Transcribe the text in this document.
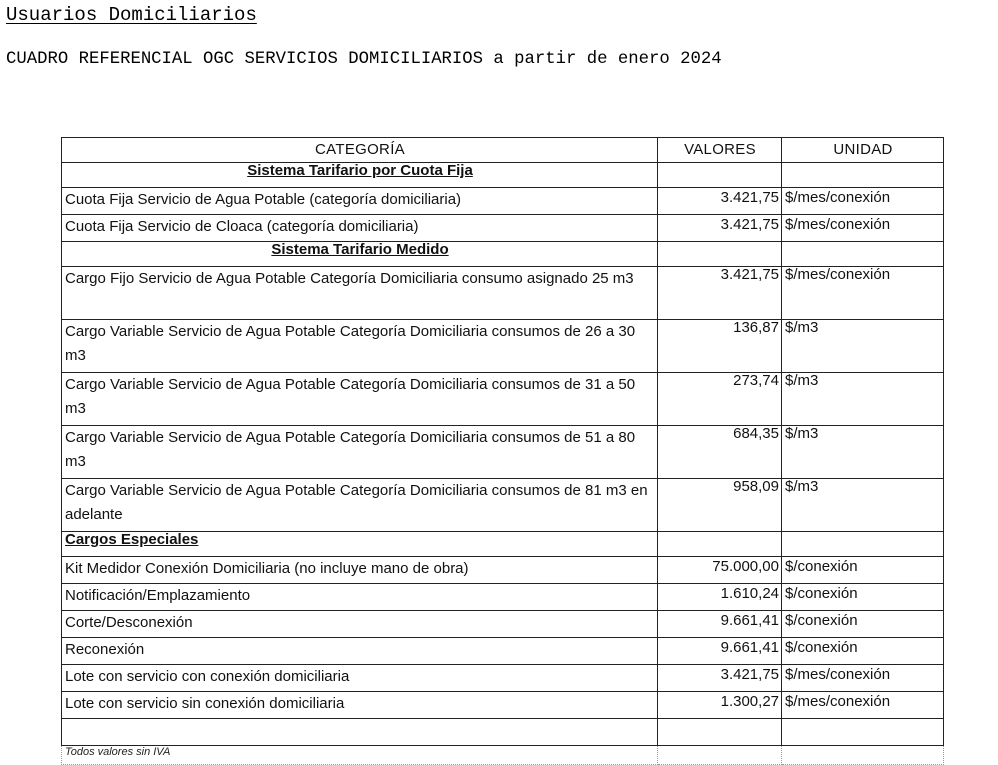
Usuarios Domiciliarios
CUADRO REFERENCIAL OGC SERVICIOS DOMICILIARIOS a partir de enero 2024
CATEGORÍA	VALORES	UNIDAD
Sistema Tarifario por Cuota Fija		
Cuota Fija Servicio de Agua Potable (categoría domiciliaria)	3.421,75	$/mes/conexión
Cuota Fija Servicio de Cloaca (categoría domiciliaria)	3.421,75	$/mes/conexión
Sistema Tarifario Medido		
Cargo Fijo Servicio de Agua Potable Categoría Domiciliaria consumo asignado 25 m3	3.421,75	$/mes/conexión
Cargo Variable Servicio de Agua Potable Categoría Domiciliaria consumos de 26 a 30 m3	136,87	$/m3
Cargo Variable Servicio de Agua Potable Categoría Domiciliaria consumos de 31 a 50 m3	273,74	$/m3
Cargo Variable Servicio de Agua Potable Categoría Domiciliaria consumos de 51 a 80 m3	684,35	$/m3
Cargo Variable Servicio de Agua Potable Categoría Domiciliaria consumos de 81 m3 en adelante	958,09	$/m3
Cargos Especiales		
Kit Medidor Conexión Domiciliaria (no incluye mano de obra)	75.000,00	$/conexión
Notificación/Emplazamiento	1.610,24	$/conexión
Corte/Desconexión	9.661,41	$/conexión
Reconexión	9.661,41	$/conexión
Lote con servicio con conexión domiciliaria	3.421,75	$/mes/conexión
Lote con servicio sin conexión domiciliaria	1.300,27	$/mes/conexión

Todos valores sin IVA		
